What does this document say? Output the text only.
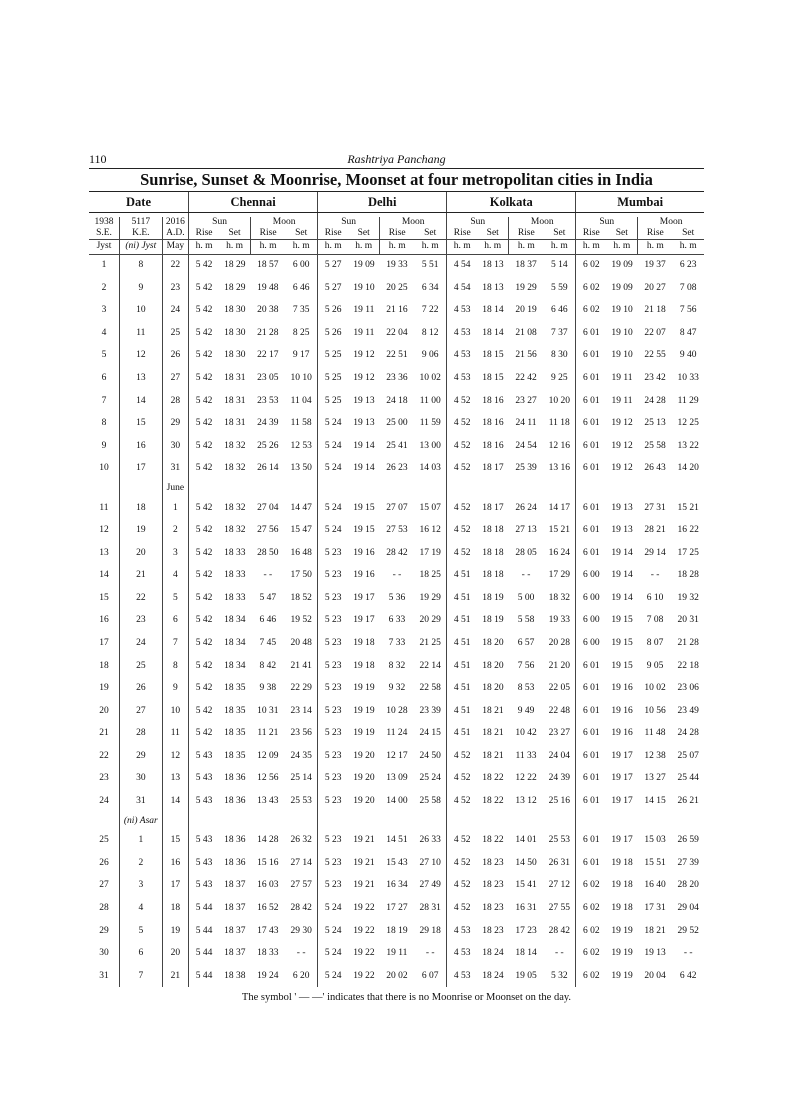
110	Rashtriya Panchang
Sunrise, Sunset & Moonrise, Moonset at four metropolitan cities in India
Date			Chennai				Delhi				Kolkata				Mumbai			

1938	5117	2016	Sun		Moon		Sun		Moon		Sun		Moon		Sun		Moon	
S.E.	K.E.	A.D.	Rise	Set	Rise	Set	Rise	Set	Rise	Set	Rise	Set	Rise	Set	Rise	Set	Rise	Set
Jyst	(ni) Jyst	May	h. m	h. m	h. m	h. m	h. m	h. m	h. m	h. m	h. m	h. m	h. m	h. m	h. m	h. m	h. m	h. m
1	8	22	5 42	18 29	18 57	6 00	5 27	19 09	19 33	5 51	4 54	18 13	18 37	5 14	6 02	19 09	19 37	6 23
2	9	23	5 42	18 29	19 48	6 46	5 27	19 10	20 25	6 34	4 54	18 13	19 29	5 59	6 02	19 09	20 27	7 08
3	10	24	5 42	18 30	20 38	7 35	5 26	19 11	21 16	7 22	4 53	18 14	20 19	6 46	6 02	19 10	21 18	7 56
4	11	25	5 42	18 30	21 28	8 25	5 26	19 11	22 04	8 12	4 53	18 14	21 08	7 37	6 01	19 10	22 07	8 47
5	12	26	5 42	18 30	22 17	9 17	5 25	19 12	22 51	9 06	4 53	18 15	21 56	8 30	6 01	19 10	22 55	9 40
6	13	27	5 42	18 31	23 05	10 10	5 25	19 12	23 36	10 02	4 53	18 15	22 42	9 25	6 01	19 11	23 42	10 33
7	14	28	5 42	18 31	23 53	11 04	5 25	19 13	24 18	11 00	4 52	18 16	23 27	10 20	6 01	19 11	24 28	11 29
8	15	29	5 42	18 31	24 39	11 58	5 24	19 13	25 00	11 59	4 52	18 16	24 11	11 18	6 01	19 12	25 13	12 25
9	16	30	5 42	18 32	25 26	12 53	5 24	19 14	25 41	13 00	4 52	18 16	24 54	12 16	6 01	19 12	25 58	13 22
10	17	31	5 42	18 32	26 14	13 50	5 24	19 14	26 23	14 03	4 52	18 17	25 39	13 16	6 01	19 12	26 43	14 20
		June																
11	18	1	5 42	18 32	27 04	14 47	5 24	19 15	27 07	15 07	4 52	18 17	26 24	14 17	6 01	19 13	27 31	15 21
12	19	2	5 42	18 32	27 56	15 47	5 24	19 15	27 53	16 12	4 52	18 18	27 13	15 21	6 01	19 13	28 21	16 22
13	20	3	5 42	18 33	28 50	16 48	5 23	19 16	28 42	17 19	4 52	18 18	28 05	16 24	6 01	19 14	29 14	17 25
14	21	4	5 42	18 33	- -	17 50	5 23	19 16	- -	18 25	4 51	18 18	- -	17 29	6 00	19 14	- -	18 28
15	22	5	5 42	18 33	5 47	18 52	5 23	19 17	5 36	19 29	4 51	18 19	5 00	18 32	6 00	19 14	6 10	19 32
16	23	6	5 42	18 34	6 46	19 52	5 23	19 17	6 33	20 29	4 51	18 19	5 58	19 33	6 00	19 15	7 08	20 31
17	24	7	5 42	18 34	7 45	20 48	5 23	19 18	7 33	21 25	4 51	18 20	6 57	20 28	6 00	19 15	8 07	21 28
18	25	8	5 42	18 34	8 42	21 41	5 23	19 18	8 32	22 14	4 51	18 20	7 56	21 20	6 01	19 15	9 05	22 18
19	26	9	5 42	18 35	9 38	22 29	5 23	19 19	9 32	22 58	4 51	18 20	8 53	22 05	6 01	19 16	10 02	23 06
20	27	10	5 42	18 35	10 31	23 14	5 23	19 19	10 28	23 39	4 51	18 21	9 49	22 48	6 01	19 16	10 56	23 49
21	28	11	5 42	18 35	11 21	23 56	5 23	19 19	11 24	24 15	4 51	18 21	10 42	23 27	6 01	19 16	11 48	24 28
22	29	12	5 43	18 35	12 09	24 35	5 23	19 20	12 17	24 50	4 52	18 21	11 33	24 04	6 01	19 17	12 38	25 07
23	30	13	5 43	18 36	12 56	25 14	5 23	19 20	13 09	25 24	4 52	18 22	12 22	24 39	6 01	19 17	13 27	25 44
24	31	14	5 43	18 36	13 43	25 53	5 23	19 20	14 00	25 58	4 52	18 22	13 12	25 16	6 01	19 17	14 15	26 21
	(ni) Asar																	
25	1	15	5 43	18 36	14 28	26 32	5 23	19 21	14 51	26 33	4 52	18 22	14 01	25 53	6 01	19 17	15 03	26 59
26	2	16	5 43	18 36	15 16	27 14	5 23	19 21	15 43	27 10	4 52	18 23	14 50	26 31	6 01	19 18	15 51	27 39
27	3	17	5 43	18 37	16 03	27 57	5 23	19 21	16 34	27 49	4 52	18 23	15 41	27 12	6 02	19 18	16 40	28 20
28	4	18	5 44	18 37	16 52	28 42	5 24	19 22	17 27	28 31	4 52	18 23	16 31	27 55	6 02	19 18	17 31	29 04
29	5	19	5 44	18 37	17 43	29 30	5 24	19 22	18 19	29 18	4 53	18 23	17 23	28 42	6 02	19 19	18 21	29 52
30	6	20	5 44	18 37	18 33	- -	5 24	19 22	19 11	- -	4 53	18 24	18 14	- -	6 02	19 19	19 13	- -
31	7	21	5 44	18 38	19 24	6 20	5 24	19 22	20 02	6 07	4 53	18 24	19 05	5 32	6 02	19 19	20 04	6 42
The symbol ' — —' indicates that there is no Moonrise or Moonset on the day.
